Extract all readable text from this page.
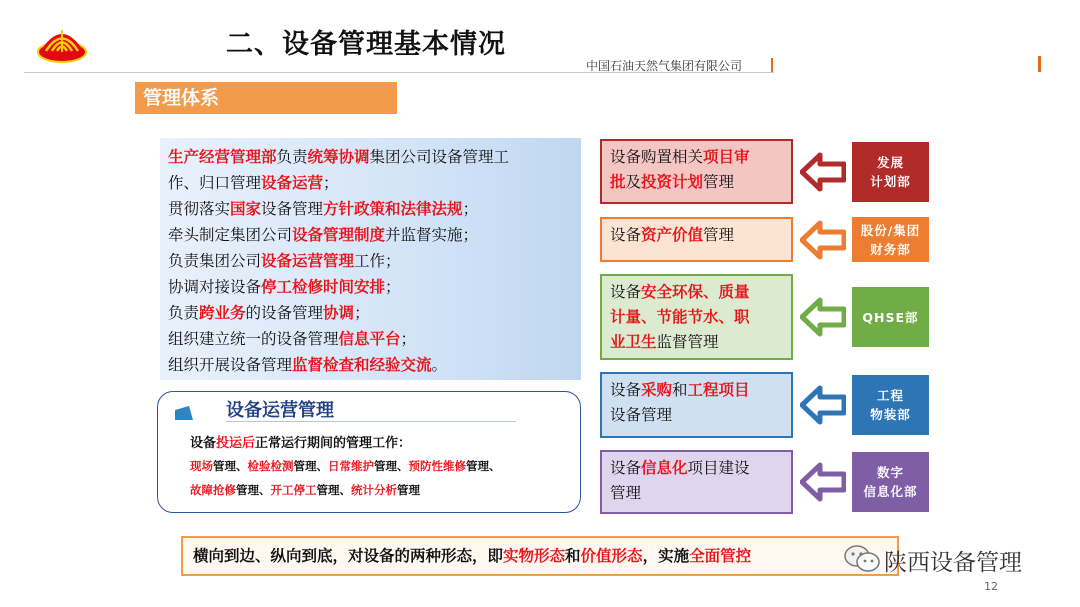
二、设备管理基本情况
中国石油天然气集团有限公司
管理体系
生产经营管理部负责统筹协调集团公司设备管理工
作、归口管理设备运营；
贯彻落实国家设备管理方针政策和法律法规；
牵头制定集团公司设备管理制度并监督实施；
负责集团公司设备运营管理工作；
协调对接设备停工检修时间安排；
负责跨业务的设备管理协调；
组织建立统一的设备管理信息平台；
组织开展设备管理监督检查和经验交流。
设备运营管理
设备投运后正常运行期间的管理工作：
现场管理、检验检测管理、日常维护管理、预防性维修管理、
故障抢修管理、开工停工管理、统计分析管理
设备购置相关项目审
批及投资计划管理
发展
计划部
设备资产价值管理	股份/集团
财务部
设备安全环保、质量
计量、节能节水、职
业卫生监督管理
QHSE部
设备采购和工程项目
设备管理
工程
物装部
设备信息化项目建设
管理
数字
信息化部
横向到边、纵向到底，对设备的两种形态，即实物形态和价值形态，实施全面管控	陕西设备管理
12
